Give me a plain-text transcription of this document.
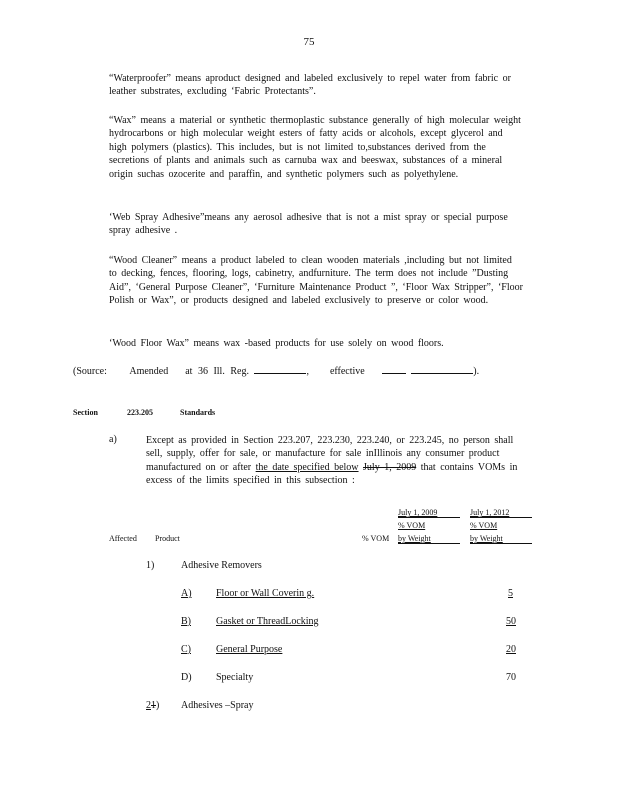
75

“Waterproofer” means aproduct designed and labeled exclusively to repel water from fabric or leather substrates, excluding ‘Fabric Protectants”.

“Wax” means a material or synthetic thermoplastic substance generally of high molecular weight hydrocarbons or high molecular weight esters of fatty acids or alcohols, except glycerol and high polymers (plastics). This includes, but is not limited to,substances derived from the secretions of plants and animals such as carnuba wax and beeswax, substances of a mineral origin suchas ozocerite and paraffin, and synthetic polymers such as polyethylene.

‘Web Spray Adhesive”means any aerosol adhesive that is not a mist spray or special purpose spray adhesive .

“Wood Cleaner” means a product labeled to clean wooden materials ,including but not limited to decking, fences, flooring, logs, cabinetry, andfurniture. The term does not include ”Dusting Aid”, ‘General Purpose Cleaner”, ‘Furniture Maintenance Product ”, ‘Floor Wax Stripper”, ‘Floor Polish or Wax”, or products designed and labeled exclusively to preserve or color wood.

‘Wood Floor Wax” means wax -based products for use solely on wood floors.

(Source: Amended at 36 Ill. Reg.	, effective	).
Section	223.205	Standards
a)	Except as provided in Section 223.207, 223.230, 223.240, or 223.245, no person shall sell, supply, offer for sale, or manufacture for sale inIllinois any consumer product manufactured on or after the date specified below July 1, 2009 that contains VOMs in excess of the limits specified in this subsection :
Affected Product	% VOM
July 1, 2009
% VOM
by Weight
July 1, 2012
% VOM
by Weight
1)	Adhesive Removers
A) Floor or Wall Coverin g.	5
B)	Gasket or ThreadLocking	50
C)	General Purpose	20
D) Specialty	70
21) Adhesives –Spray
